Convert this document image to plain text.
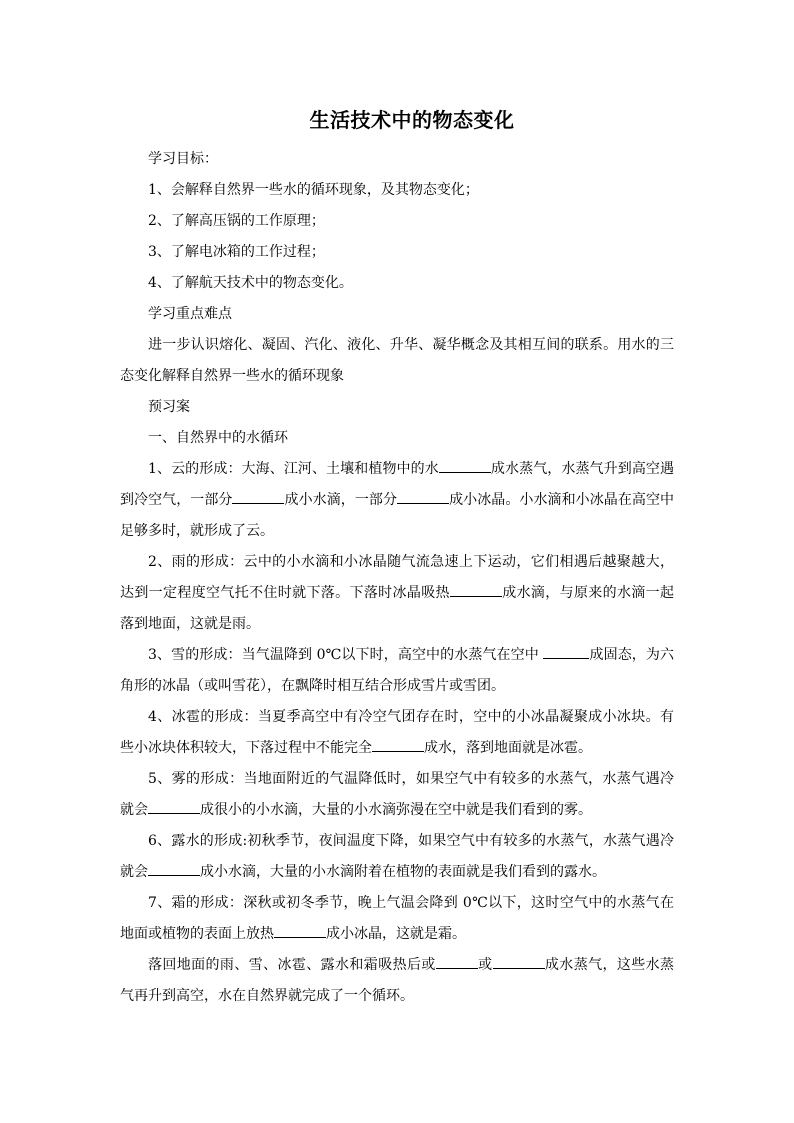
生活技术中的物态变化

学习目标：

1、会解释自然界一些水的循环现象，及其物态变化；

2、了解高压锅的工作原理；

3、了解电冰箱的工作过程；

4、了解航天技术中的物态变化。

学习重点难点

进一步认识熔化、凝固、汽化、液化、升华、凝华概念及其相互间的联系。用水的三态变化解释自然界一些水的循环现象

预习案

一、自然界中的水循环

1、云的形成：大海、江河、土壤和植物中的水	成水蒸气，水蒸气升到高空遇到冷空气，一部分	成小水滴，一部分	成小冰晶。小水滴和小冰晶在高空中足够多时，就形成了云。

2、雨的形成：云中的小水滴和小冰晶随气流急速上下运动，它们相遇后越聚越大，达到一定程度空气托不住时就下落。下落时冰晶吸热	成水滴，与原来的水滴一起落到地面，这就是雨。

3、雪的形成：当气温降到 0℃以下时，高空中的水蒸气在空中	成固态，为六角形的冰晶（或叫雪花），在飘降时相互结合形成雪片或雪团。

4、冰雹的形成：当夏季高空中有冷空气团存在时，空中的小冰晶凝聚成小冰块。有些小冰块体积较大，下落过程中不能完全	成水，落到地面就是冰雹。

5、雾的形成：当地面附近的气温降低时，如果空气中有较多的水蒸气，水蒸气遇冷就会	成很小的小水滴，大量的小水滴弥漫在空中就是我们看到的雾。

6、露水的形成:初秋季节，夜间温度下降，如果空气中有较多的水蒸气，水蒸气遇冷就会	成小水滴，大量的小水滴附着在植物的表面就是我们看到的露水。

7、霜的形成：深秋或初冬季节，晚上气温会降到 0℃以下，这时空气中的水蒸气在地面或植物的表面上放热	成小冰晶，这就是霜。

落回地面的雨、雪、冰雹、露水和霜吸热后或	或	成水蒸气，这些水蒸气再升到高空，水在自然界就完成了一个循环。
